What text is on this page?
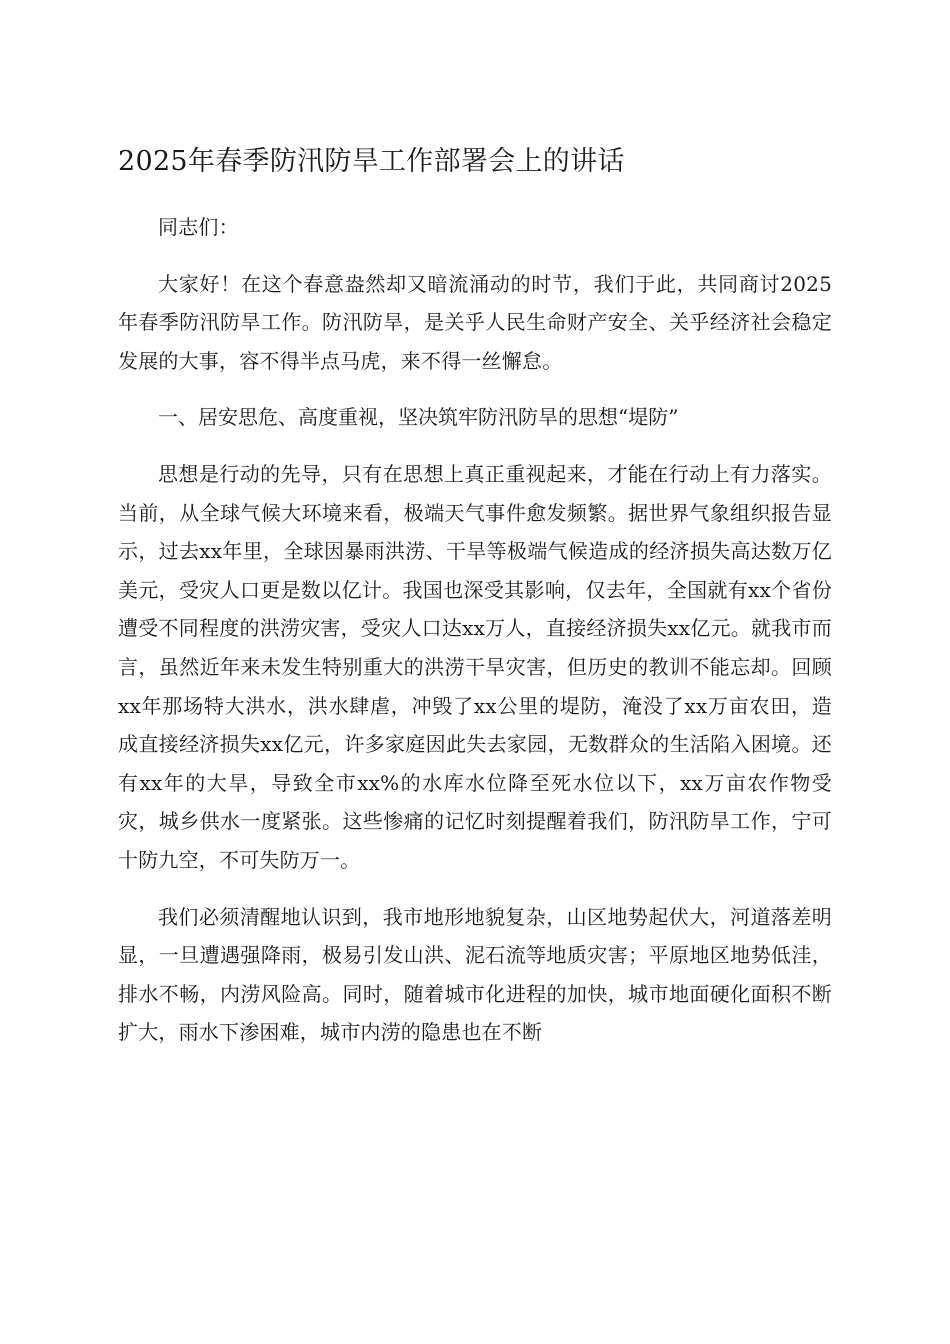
2025年春季防汛防旱工作部署会上的讲话

同志们：

大家好！在这个春意盎然却又暗流涌动的时节，我们于此，共同商讨2025年春季防汛防旱工作。防汛防旱，是关乎人民生命财产安全、关乎经济社会稳定发展的大事，容不得半点马虎，来不得一丝懈怠。

一、居安思危、高度重视，坚决筑牢防汛防旱的思想“堤防”

思想是行动的先导，只有在思想上真正重视起来，才能在行动上有力落实。当前，从全球气候大环境来看，极端天气事件愈发频繁。据世界气象组织报告显示，过去xx年里，全球因暴雨洪涝、干旱等极端气候造成的经济损失高达数万亿美元，受灾人口更是数以亿计。我国也深受其影响，仅去年，全国就有xx个省份遭受不同程度的洪涝灾害，受灾人口达xx万人，直接经济损失xx亿元。就我市而言，虽然近年来未发生特别重大的洪涝干旱灾害，但历史的教训不能忘却。回顾xx年那场特大洪水，洪水肆虐，冲毁了xx公里的堤防，淹没了xx万亩农田，造成直接经济损失xx亿元，许多家庭因此失去家园，无数群众的生活陷入困境。还有xx年的大旱，导致全市xx%的水库水位降至死水位以下，xx万亩农作物受灾，城乡供水一度紧张。这些惨痛的记忆时刻提醒着我们，防汛防旱工作，宁可十防九空，不可失防万一。

我们必须清醒地认识到，我市地形地貌复杂，山区地势起伏大，河道落差明显，一旦遭遇强降雨，极易引发山洪、泥石流等地质灾害；平原地区地势低洼，排水不畅，内涝风险高。同时，随着城市化进程的加快，城市地面硬化面积不断扩大，雨水下渗困难，城市内涝的隐患也在不断
